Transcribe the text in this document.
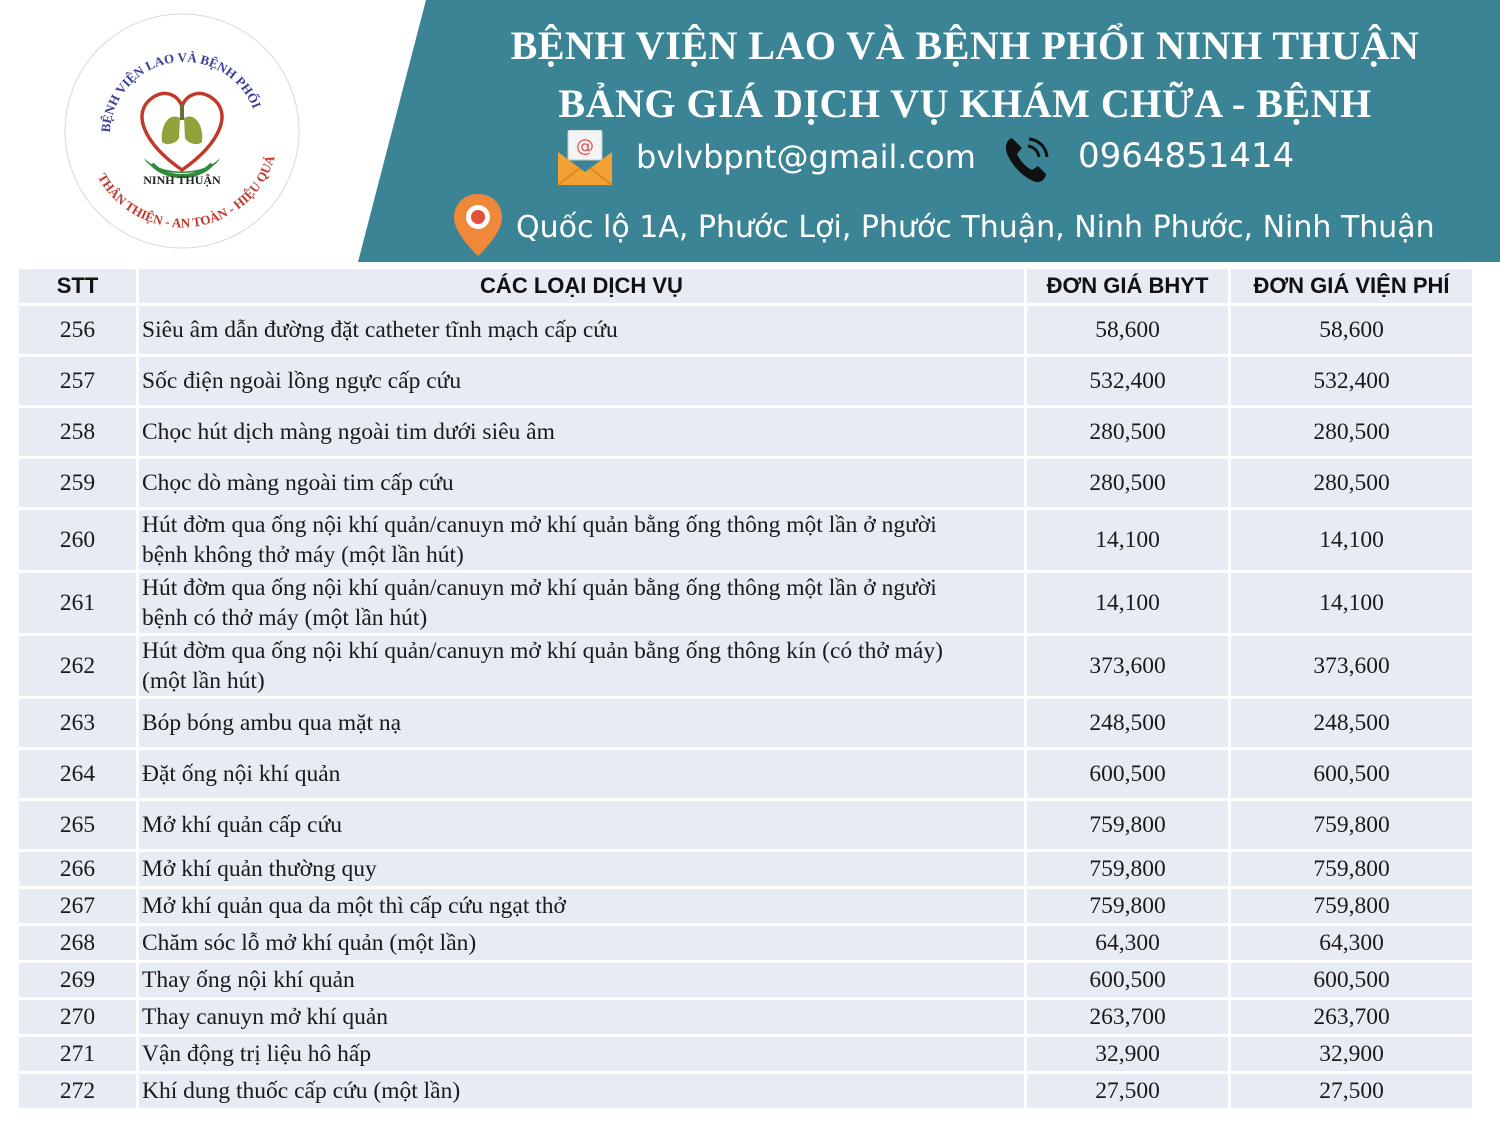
BỆNH VIỆN LAO VÀ BỆNH PHỔI
THÂN THIỆN - AN TOÀN - HIỆU QUẢ
NINH THUẬN
BỆNH VIỆN LAO VÀ BỆNH PHỔI NINH THUẬN
BẢNG GIÁ DỊCH VỤ KHÁM CHỮA - BỆNH
@ bvlvbpnt@gmail.com	0964851414
Quốc lộ 1A, Phước Lợi, Phước Thuận, Ninh Phước, Ninh Thuận
STT	CÁC LOẠI DỊCH VỤ	ĐƠN GIÁ BHYT	ĐƠN GIÁ VIỆN PHÍ
256	Siêu âm dẫn đường đặt catheter tĩnh mạch cấp cứu	58,600	58,600
257	Sốc điện ngoài lồng ngực cấp cứu	532,400	532,400
258	Chọc hút dịch màng ngoài tim dưới siêu âm	280,500	280,500
259	Chọc dò màng ngoài tim cấp cứu	280,500	280,500
260	Hút đờm qua ống nội khí quản/canuyn mở khí quản bằng ống thông một lần ở người
bệnh không thở máy (một lần hút)	14,100	14,100
261	Hút đờm qua ống nội khí quản/canuyn mở khí quản bằng ống thông một lần ở người
bệnh có thở máy (một lần hút)	14,100	14,100
262	Hút đờm qua ống nội khí quản/canuyn mở khí quản bằng ống thông kín (có thở máy)
(một lần hút)	373,600	373,600
263	Bóp bóng ambu qua mặt nạ	248,500	248,500
264	Đặt ống nội khí quản	600,500	600,500
265	Mở khí quản cấp cứu	759,800	759,800
266	Mở khí quản thường quy	759,800	759,800
267	Mở khí quản qua da một thì cấp cứu ngạt thở	759,800	759,800
268	Chăm sóc lỗ mở khí quản (một lần)	64,300	64,300
269	Thay ống nội khí quản	600,500	600,500
270	Thay canuyn mở khí quản	263,700	263,700
271	Vận động trị liệu hô hấp	32,900	32,900
272	Khí dung thuốc cấp cứu (một lần)	27,500	27,500
